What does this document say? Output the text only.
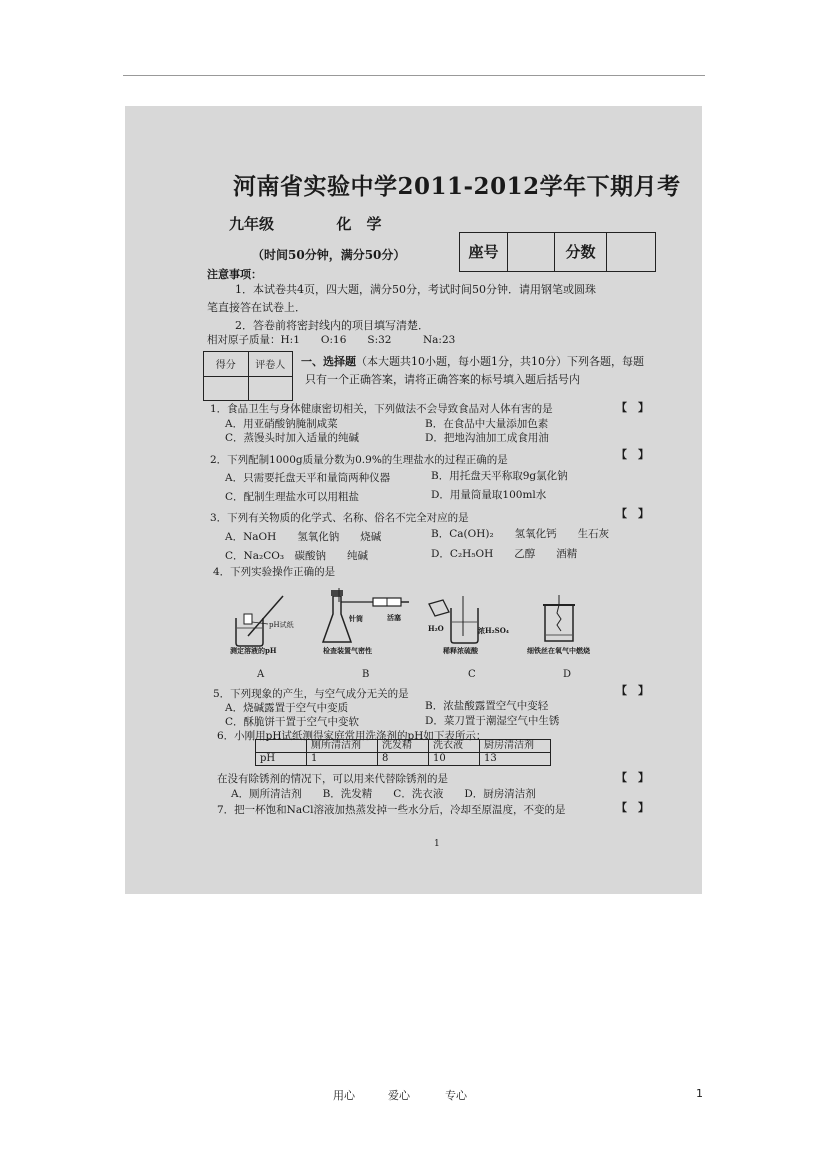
河南省实验中学2011-2012学年下期月考
九年级	化　学
（时间50分钟，满分50分）	座号	分数
注意事项：
1．本试卷共4页，四大题，满分50分，考试时间50分钟．请用钢笔或圆珠
笔直接答在试卷上．
2．答卷前将密封线内的项目填写清楚．
相对原子质量：H:1　　O:16　　S:32　　　Na:23
得分	评卷人
	一、选择题（本大题共10小题，每小题1分，共10分）下列各题，每题
只有一个正确答案，请将正确答案的标号填入题后括号内
1．食品卫生与身体健康密切相关，下列做法不会导致食品对人体有害的是	【　】
A．用亚硝酸钠腌制咸菜	B．在食品中大量添加色素
C．蒸馒头时加入适量的纯碱	D．把地沟油加工成食用油
2．下列配制1000g质量分数为0.9%的生理盐水的过程正确的是	【　】
A．只需要托盘天平和量筒两种仪器	B．用托盘天平称取9g氯化钠
C．配制生理盐水可以用粗盐	D．用量筒量取100ml水
3．下列有关物质的化学式、名称、俗名不完全对应的是	【　】
A．NaOH　　氢氧化钠　　烧碱	B．Ca(OH)₂　　氢氧化钙　　生石灰
C．Na₂CO₃　碳酸钠　　纯碱	D．C₂H₅OH　　乙醇　　酒精
4．下列实验操作正确的是
pH试纸
测定溶液的pH
A
针筒	活塞
检查装置气密性
B
H₂O	浓H₂SO₄
稀释浓硫酸
C
细铁丝在氧气中燃烧
D
5．下列现象的产生，与空气成分无关的是	【　】
A．烧碱露置于空气中变质	B．浓盐酸露置空气中变轻
C．酥脆饼干置于空气中变软	D．菜刀置于潮湿空气中生锈
6．小刚用pH试纸测得家庭常用洗涤剂的pH如下表所示：
	厕所清洁剂	洗发精	洗衣液	厨房清洁剂
pH	1	8	10	13
在没有除锈剂的情况下，可以用来代替除锈剂的是	【　】
A．厕所清洁剂　　B．洗发精　　C．洗衣液　　D．厨房清洁剂
7．把一杯饱和NaCl溶液加热蒸发掉一些水分后，冷却至原温度，不变的是	【　】
1
用心	爱心	专心	1
